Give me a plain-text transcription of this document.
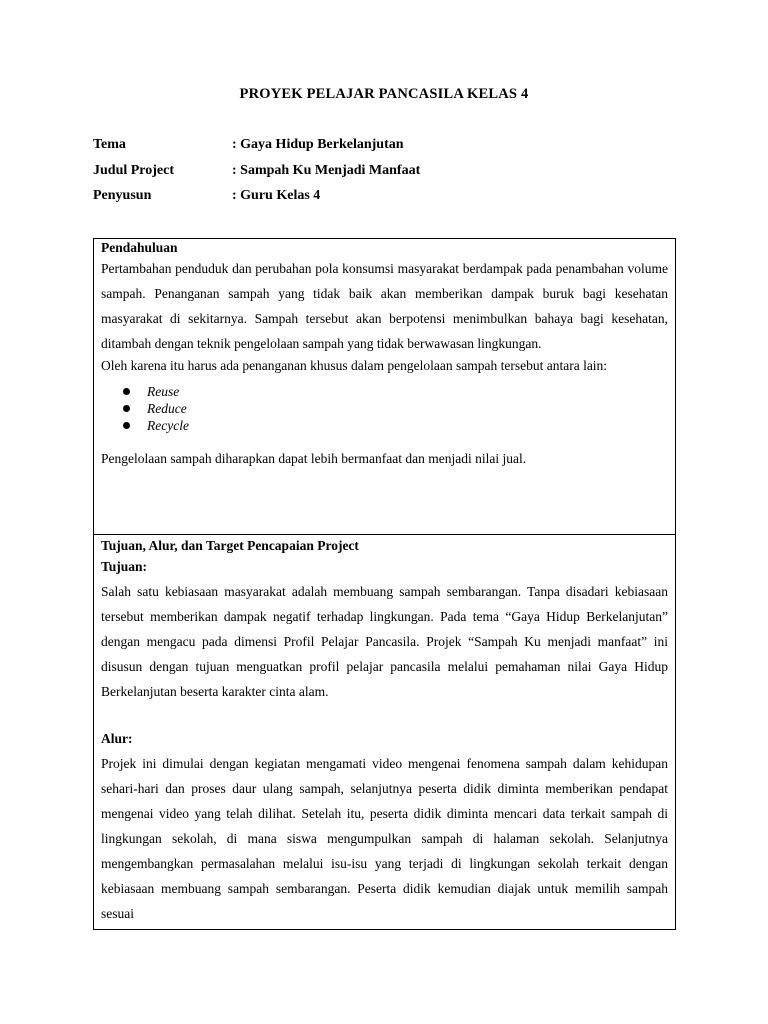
PROYEK PELAJAR PANCASILA KELAS 4
Tema	: Gaya Hidup Berkelanjutan
Judul Project	: Sampah Ku Menjadi Manfaat
Penyusun	: Guru Kelas 4
Pendahuluan

Pertambahan penduduk dan perubahan pola konsumsi masyarakat berdampak pada penambahan volume sampah. Penanganan sampah yang tidak baik akan memberikan dampak buruk bagi kesehatan masyarakat di sekitarnya. Sampah tersebut akan berpotensi menimbulkan bahaya bagi kesehatan, ditambah dengan teknik pengelolaan sampah yang tidak berwawasan lingkungan.

Oleh karena itu harus ada penanganan khusus dalam pengelolaan sampah tersebut antara lain:

Reuse
Reduce
Recycle

Pengelolaan sampah diharapkan dapat lebih bermanfaat dan menjadi nilai jual.

Tujuan, Alur, dan Target Pencapaian Project
Tujuan:

Salah satu kebiasaan masyarakat adalah membuang sampah sembarangan. Tanpa disadari kebiasaan tersebut memberikan dampak negatif terhadap lingkungan. Pada tema “Gaya Hidup Berkelanjutan” dengan mengacu pada dimensi Profil Pelajar Pancasila. Projek “Sampah Ku menjadi manfaat” ini disusun dengan tujuan menguatkan profil pelajar pancasila melalui pemahaman nilai Gaya Hidup Berkelanjutan beserta karakter cinta alam.

Alur:

Projek ini dimulai dengan kegiatan mengamati video mengenai fenomena sampah dalam kehidupan sehari-hari dan proses daur ulang sampah, selanjutnya peserta didik diminta memberikan pendapat mengenai video yang telah dilihat. Setelah itu, peserta didik diminta mencari data terkait sampah di lingkungan sekolah, di mana siswa mengumpulkan sampah di halaman sekolah. Selanjutnya mengembangkan permasalahan melalui isu-isu yang terjadi di lingkungan sekolah terkait dengan kebiasaan membuang sampah sembarangan. Peserta didik kemudian diajak untuk memilih sampah sesuai
